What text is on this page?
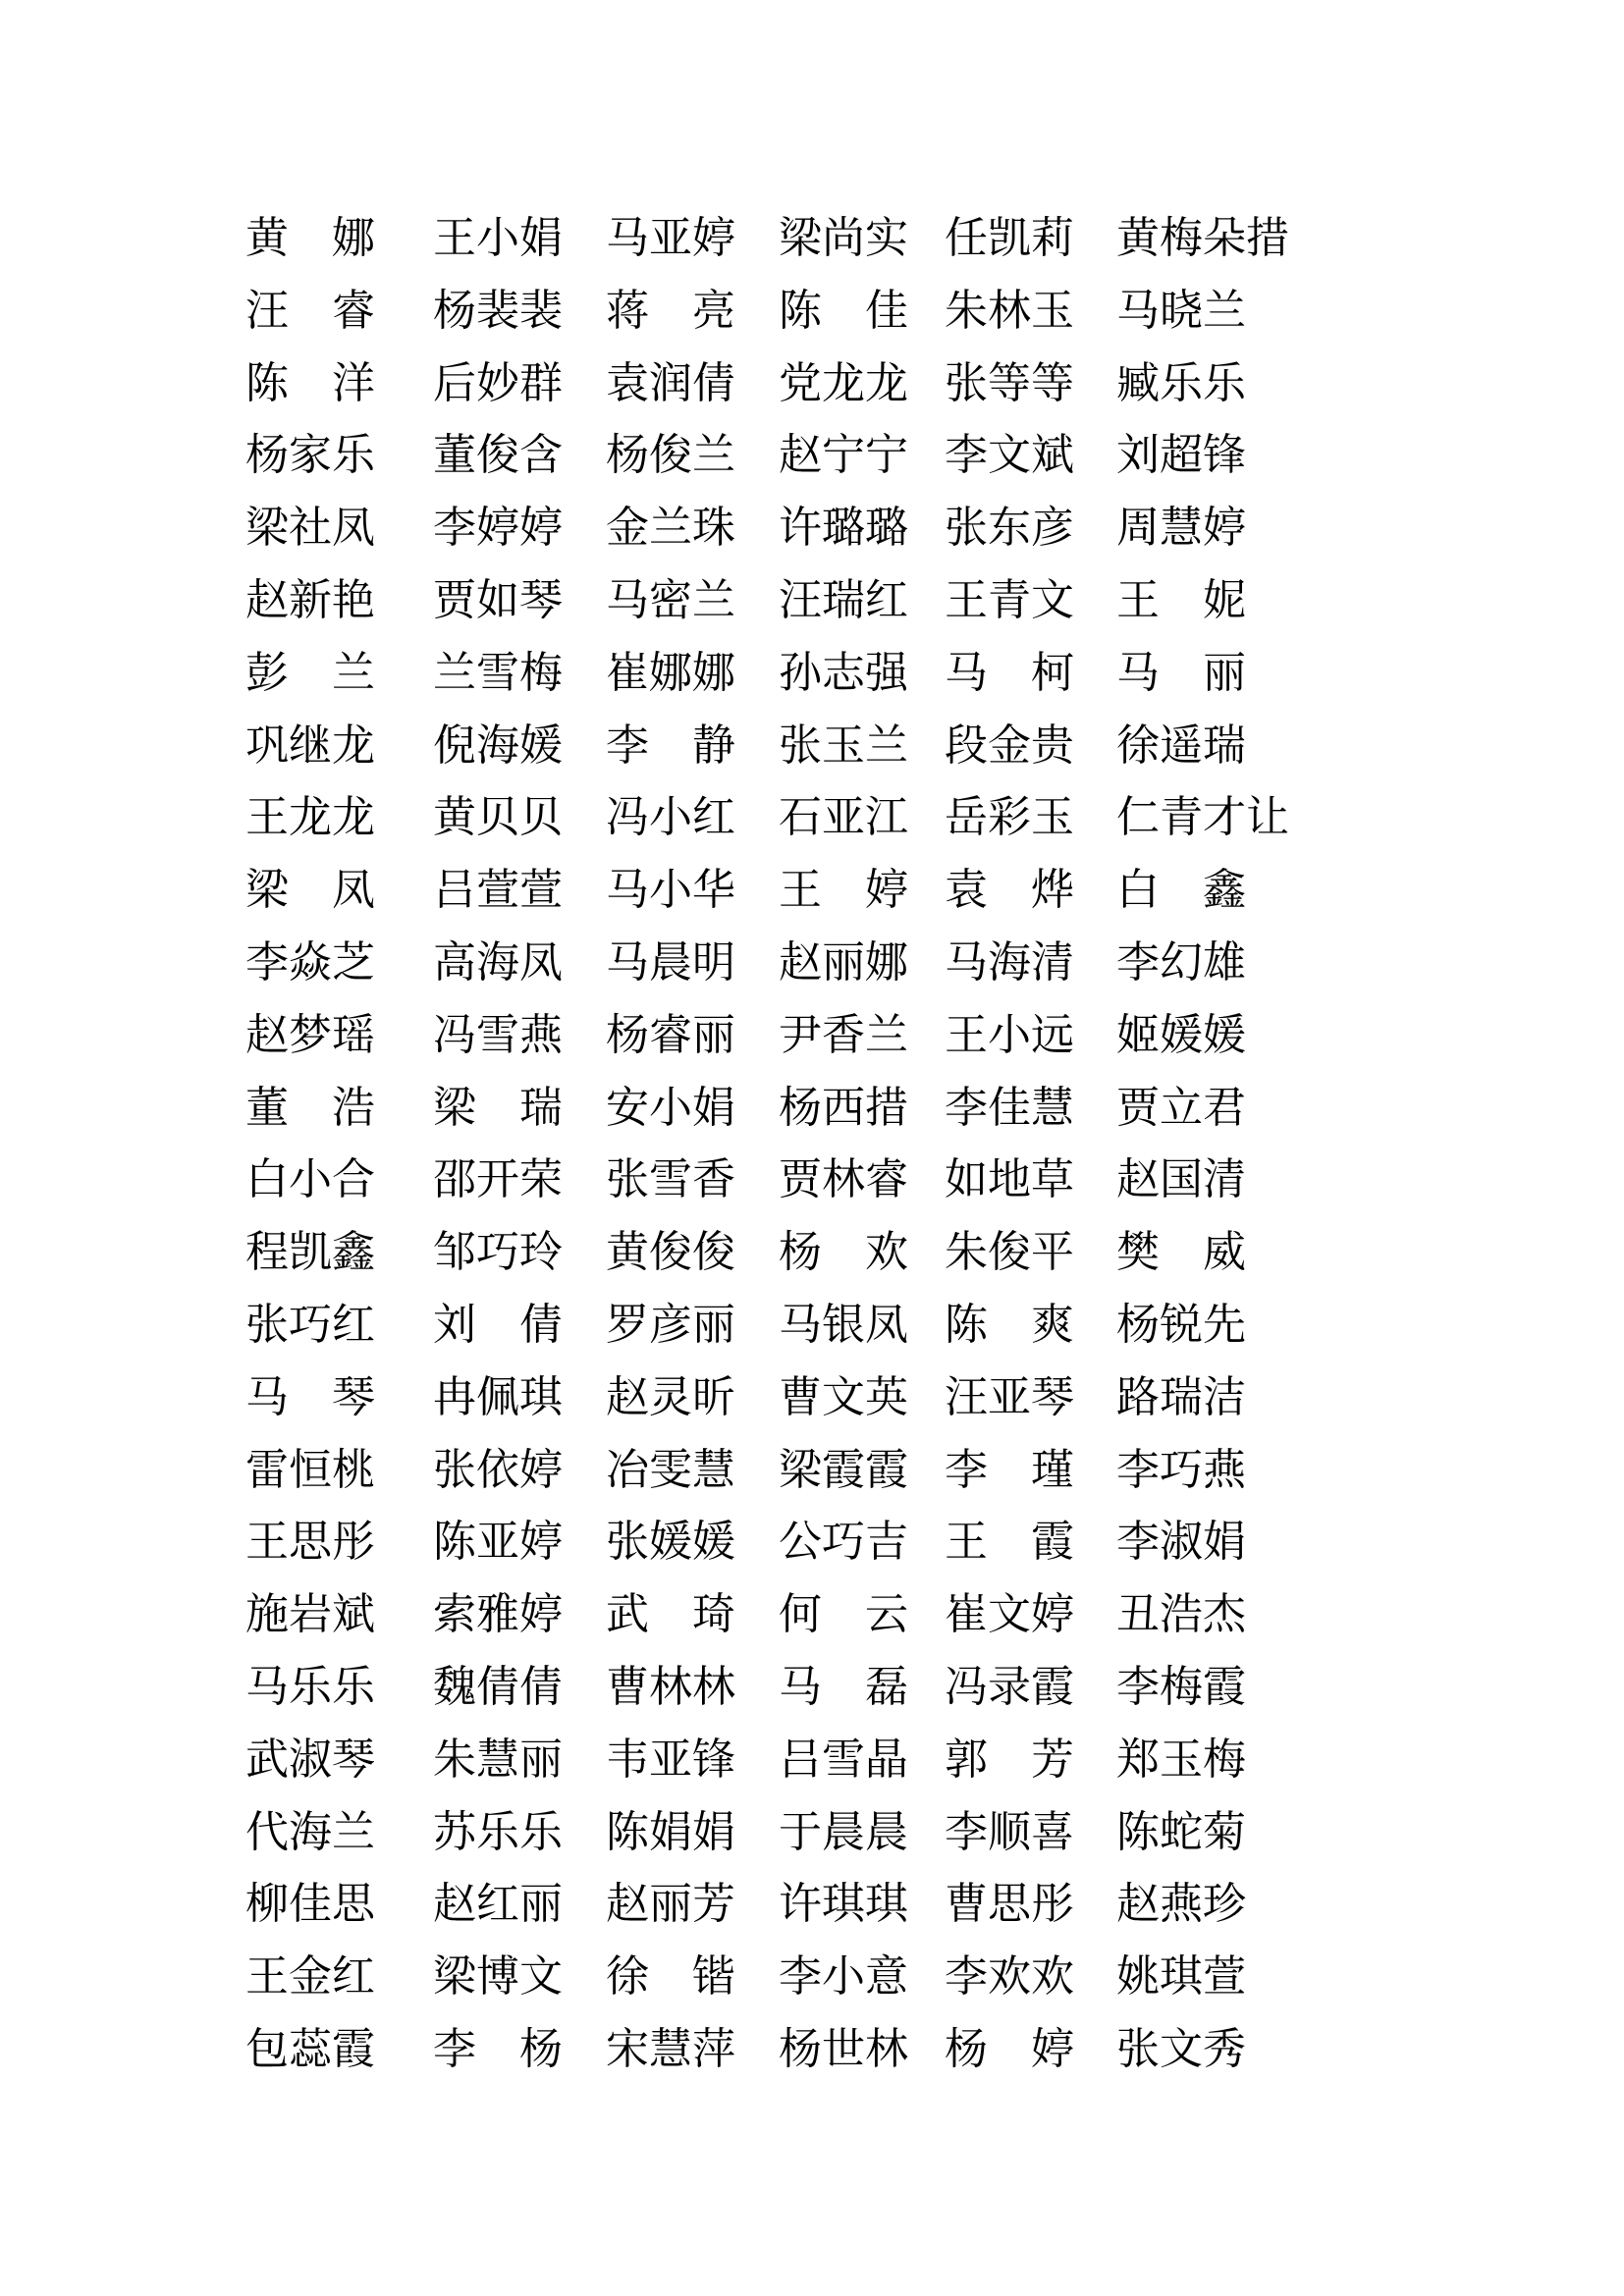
黄　娜	王小娟	马亚婷	梁尚实 任凯莉 黄梅朵措
汪　睿	杨裴裴	蒋　亮	陈　佳 朱林玉 马晓兰
陈　洋	后妙群	袁润倩	党龙龙 张等等 臧乐乐
杨家乐	董俊含	杨俊兰	赵宁宁 李文斌 刘超锋
梁社凤	李婷婷	金兰珠	许璐璐 张东彦 周慧婷
赵新艳	贾如琴	马密兰	汪瑞红 王青文 王　妮
彭　兰	兰雪梅	崔娜娜	孙志强 马　柯 马　丽
巩继龙	倪海媛	李　静	张玉兰 段金贵 徐遥瑞
王龙龙	黄贝贝	冯小红	石亚江 岳彩玉 仁青才让
梁　凤	吕萱萱	马小华	王　婷 袁　烨 白　鑫
李焱芝	高海凤	马晨明	赵丽娜 马海清 李幻雄
赵梦瑶	冯雪燕	杨睿丽	尹香兰 王小远 姬媛媛
董　浩	梁　瑞	安小娟	杨西措 李佳慧 贾立君
白小合	邵开荣	张雪香	贾林睿 如地草 赵国清
程凯鑫	邹巧玲	黄俊俊	杨　欢 朱俊平 樊　威
张巧红	刘　倩	罗彦丽	马银凤 陈　爽 杨锐先
马　琴	冉佩琪	赵灵昕	曹文英 汪亚琴 路瑞洁
雷恒桃	张依婷	冶雯慧	梁霞霞 李　瑾 李巧燕
王思彤	陈亚婷	张媛媛	公巧吉 王　霞 李淑娟
施岩斌	索雅婷	武　琦	何　云 崔文婷 丑浩杰
马乐乐	魏倩倩	曹林林	马　磊 冯录霞 李梅霞
武淑琴	朱慧丽	韦亚锋	吕雪晶 郭　芳 郑玉梅
代海兰	苏乐乐	陈娟娟	于晨晨 李顺喜 陈蛇菊
柳佳思	赵红丽	赵丽芳	许琪琪 曹思彤 赵燕珍
王金红	梁博文	徐　锴	李小意 李欢欢 姚琪萱
包蕊霞	李　杨	宋慧萍	杨世林 杨　婷 张文秀
